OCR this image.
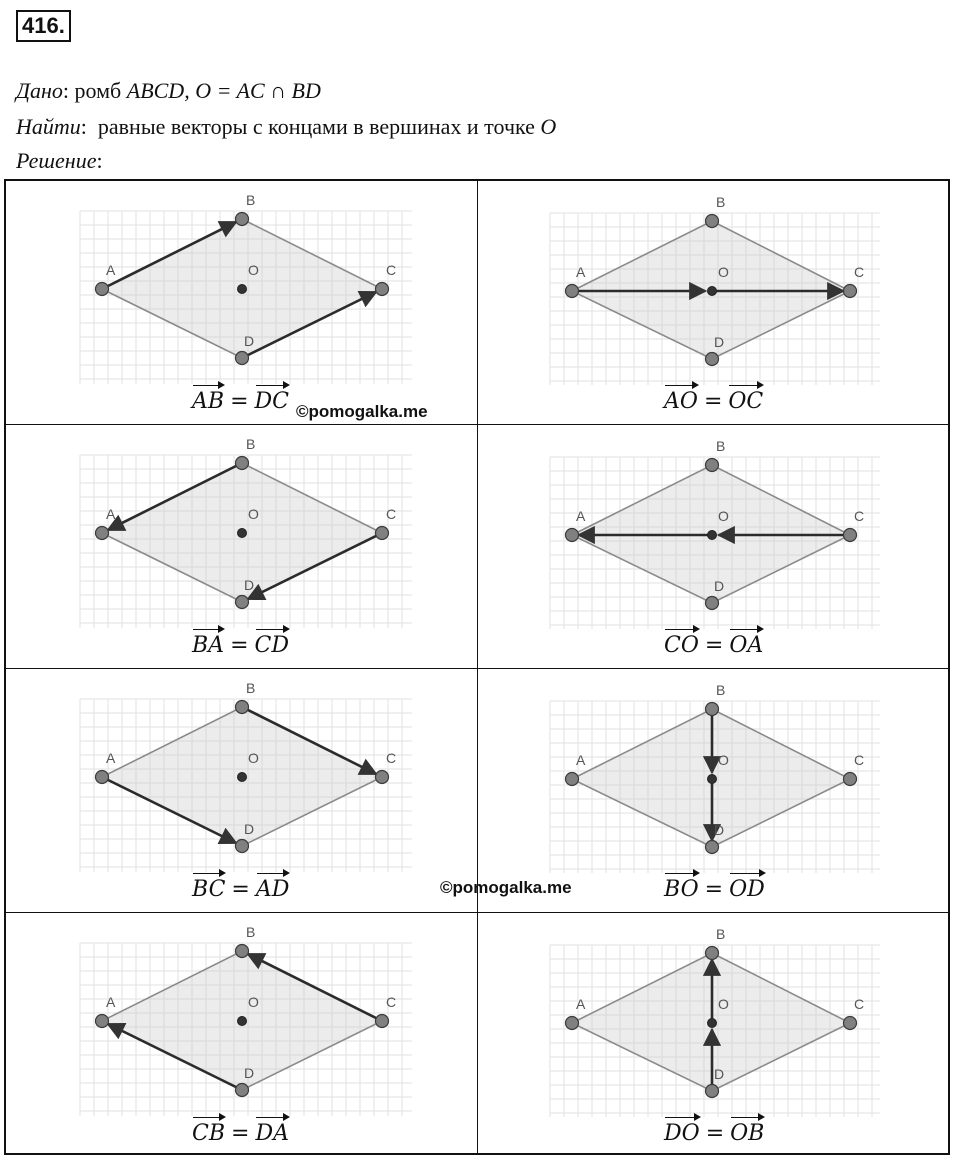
416.
Дано: ромб ABCD, O = AC ∩ BD
Найти:  равные векторы с концами в вершинах и точке O
Решение:
A
B
C
D
O
AB = DC
A
B
C
D
O
AO = OC
A
B
C
D
O
BA = CD
A
B
C
D
O
CO = OA
A
B
C
D
O
BC = AD
A
B
C
D
O
BO = OD
A
B
C
D
O
CB = DA
A
B
C
D
O
DO = OB
©pomogalka.me
©pomogalka.me
